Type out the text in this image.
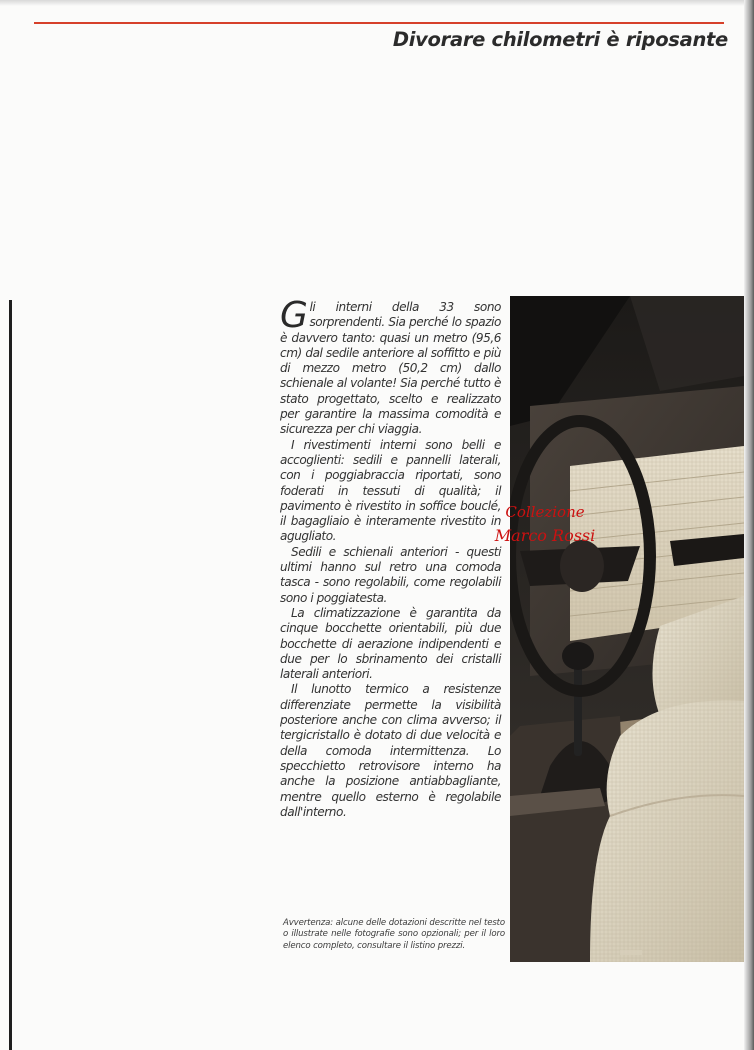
Divorare chilometri è riposante

Gli interni della 33 sono sorprendenti. Sia perché lo spazio è davvero tanto: quasi un metro (95,6 cm) dal sedile anteriore al soffitto e più di mezzo metro (50,2 cm) dallo schienale al volante! Sia perché tutto è stato progettato, scelto e realizzato per garantire la massima comodità e sicurezza per chi viaggia.

I rivestimenti interni sono belli e accoglienti: sedili e pannelli laterali, con i poggiabraccia riportati, sono foderati in tessuti di qualità; il pavimento è rivestito in soffice bouclé, il bagagliaio è interamente rivestito in agugliato.

Sedili e schienali anteriori - questi ultimi hanno sul retro una comoda tasca - sono regolabili, come regolabili sono i poggiatesta.

La climatizzazione è garantita da cinque bocchette orientabili, più due bocchette di aerazione indipendenti e due per lo sbrinamento dei cristalli laterali anteriori.

Il lunotto termico a resistenze differenziate permette la visibilità posteriore anche con clima avverso; il tergicristallo è dotato di due velocità e della comoda intermittenza. Lo specchietto retrovisore interno ha anche la posizione antiabbagliante, mentre quello esterno è regolabile dall'interno.

Avvertenza: alcune delle dotazioni descritte nel testo o illustrate nelle fotografie sono opzionali; per il loro elenco completo, consultare il listino prezzi.
Collezione
Marco Rossi
